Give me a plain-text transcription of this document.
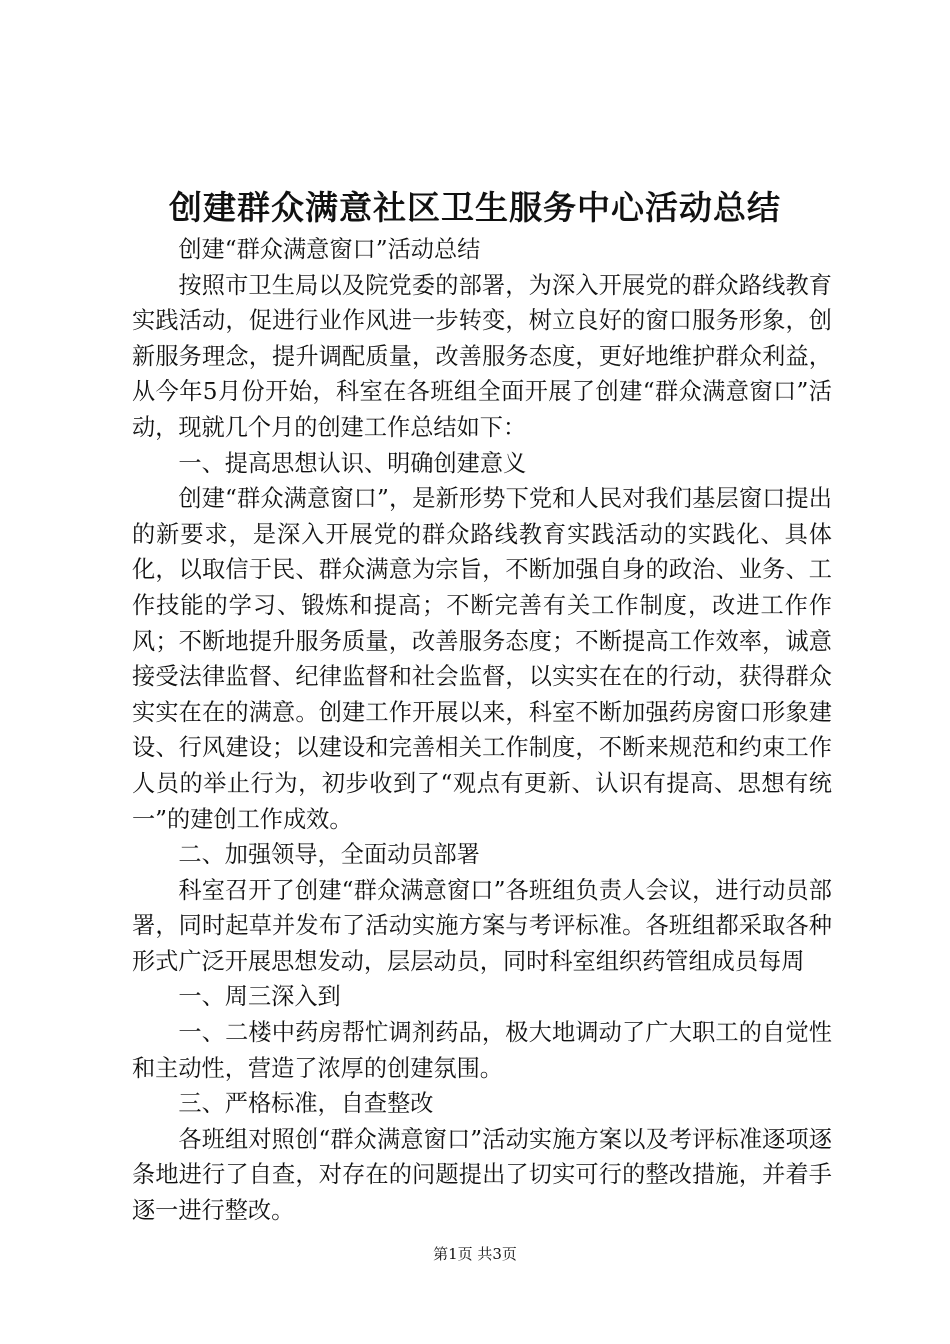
创建群众满意社区卫生服务中心活动总结

创建“群众满意窗口”活动总结

按照市卫生局以及院党委的部署，为深入开展党的群众路线教育实践活动，促进行业作风进一步转变，树立良好的窗口服务形象，创新服务理念，提升调配质量，改善服务态度，更好地维护群众利益，从今年5月份开始，科室在各班组全面开展了创建“群众满意窗口”活动，现就几个月的创建工作总结如下：

一、提高思想认识、明确创建意义

创建“群众满意窗口”，是新形势下党和人民对我们基层窗口提出的新要求，是深入开展党的群众路线教育实践活动的实践化、具体化，以取信于民、群众满意为宗旨，不断加强自身的政治、业务、工作技能的学习、锻炼和提高；不断完善有关工作制度，改进工作作风；不断地提升服务质量，改善服务态度；不断提高工作效率，诚意接受法律监督、纪律监督和社会监督，以实实在在的行动，获得群众实实在在的满意。创建工作开展以来，科室不断加强药房窗口形象建设、行风建设；以建设和完善相关工作制度，不断来规范和约束工作人员的举止行为，初步收到了“观点有更新、认识有提高、思想有统一”的建创工作成效。

二、加强领导，全面动员部署

科室召开了创建“群众满意窗口”各班组负责人会议，进行动员部署，同时起草并发布了活动实施方案与考评标准。各班组都采取各种形式广泛开展思想发动，层层动员，同时科室组织药管组成员每周

一、周三深入到

一、二楼中药房帮忙调剂药品，极大地调动了广大职工的自觉性和主动性，营造了浓厚的创建氛围。

三、严格标准，自查整改

各班组对照创“群众满意窗口”活动实施方案以及考评标准逐项逐条地进行了自查，对存在的问题提出了切实可行的整改措施，并着手逐一进行整改。

第1页 共3页
